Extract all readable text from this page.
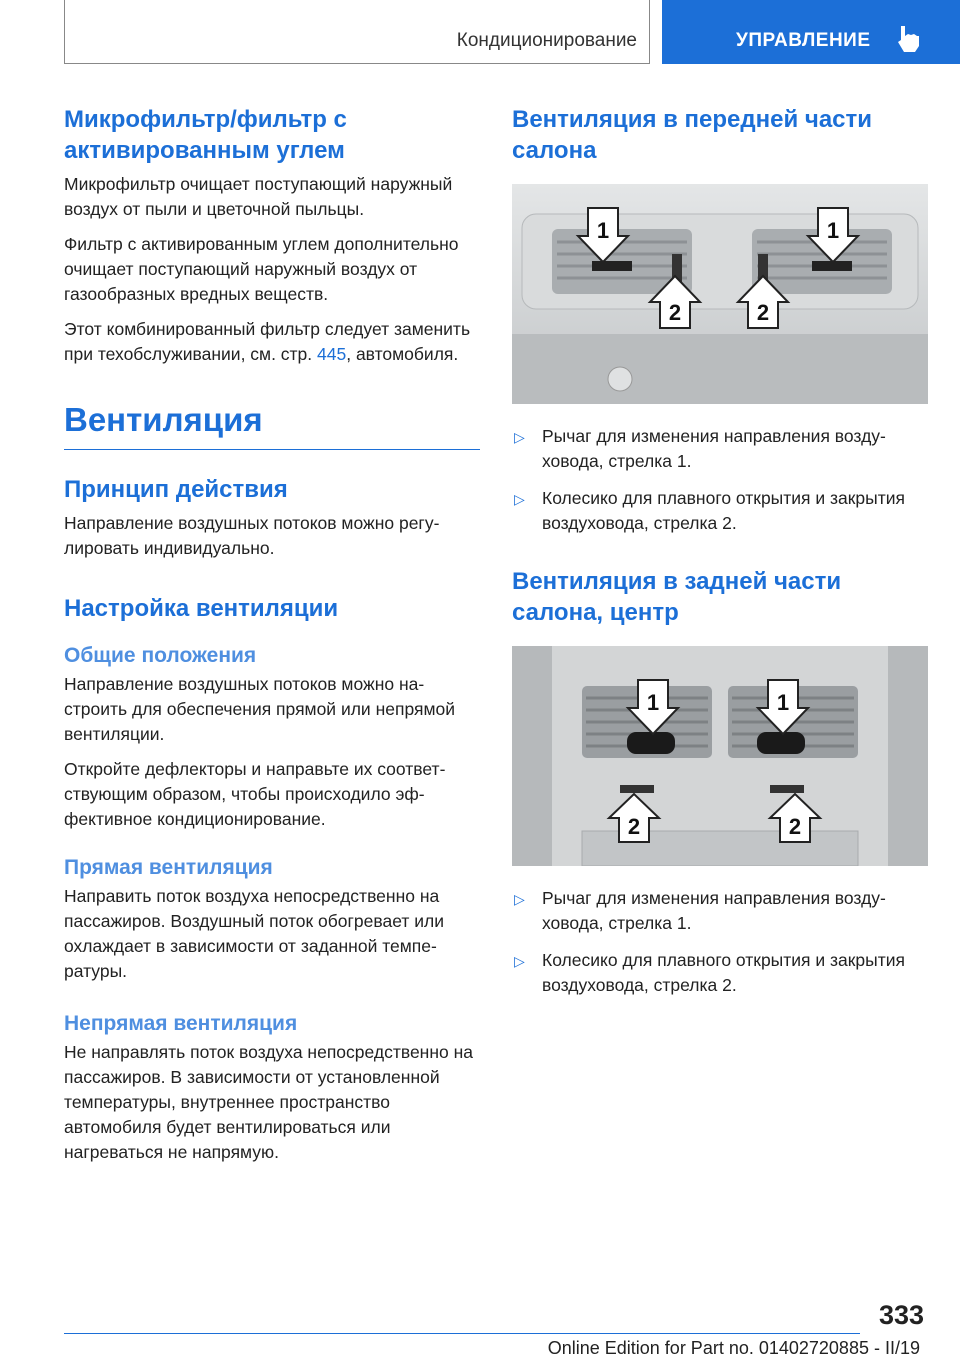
Кондиционирование	УПРАВЛЕНИЕ
Микрофильтр/фильтр с активированным углем

Микрофильтр очищает поступающий наружный воздух от пыли и цветочной пыльцы.

Фильтр с активированным углем дополнительно очищает поступающий наружный воздух от газообразных вредных веществ.

Этот комбинированный фильтр следует заменить при техобслуживании, см. стр. 445, автомобиля.

Вентиляция
Принцип действия

Направление воздушных потоков можно регулировать индивидуально.

Настройка вентиляции
Общие положения

Направление воздушных потоков можно настроить для обеспечения прямой или непрямой вентиляции.

Откройте дефлекторы и направьте их соответствующим образом, чтобы происходило эффективное кондиционирование.

Прямая вентиляция

Направить поток воздуха непосредственно на пассажиров. Воздушный поток обогревает или охлаждает в зависимости от заданной температуры.

Непрямая вентиляция

Не направлять поток воздуха непосредственно на пассажиров. В зависимости от установленной температуры, внутреннее пространство автомобиля будет вентилироваться или нагреваться не напрямую.

Вентиляция в передней части салона
1	1
2	2
▷ Рычаг для изменения направления воздуховода, стрелка 1.
▷ Колесико для плавного открытия и закрытия воздуховода, стрелка 2.
Вентиляция в задней части салона, центр
1	1
2	2
▷ Рычаг для изменения направления воздуховода, стрелка 1.
▷ Колесико для плавного открытия и закрытия воздуховода, стрелка 2.
333
Online Edition for Part no. 01402720885 - II/19
